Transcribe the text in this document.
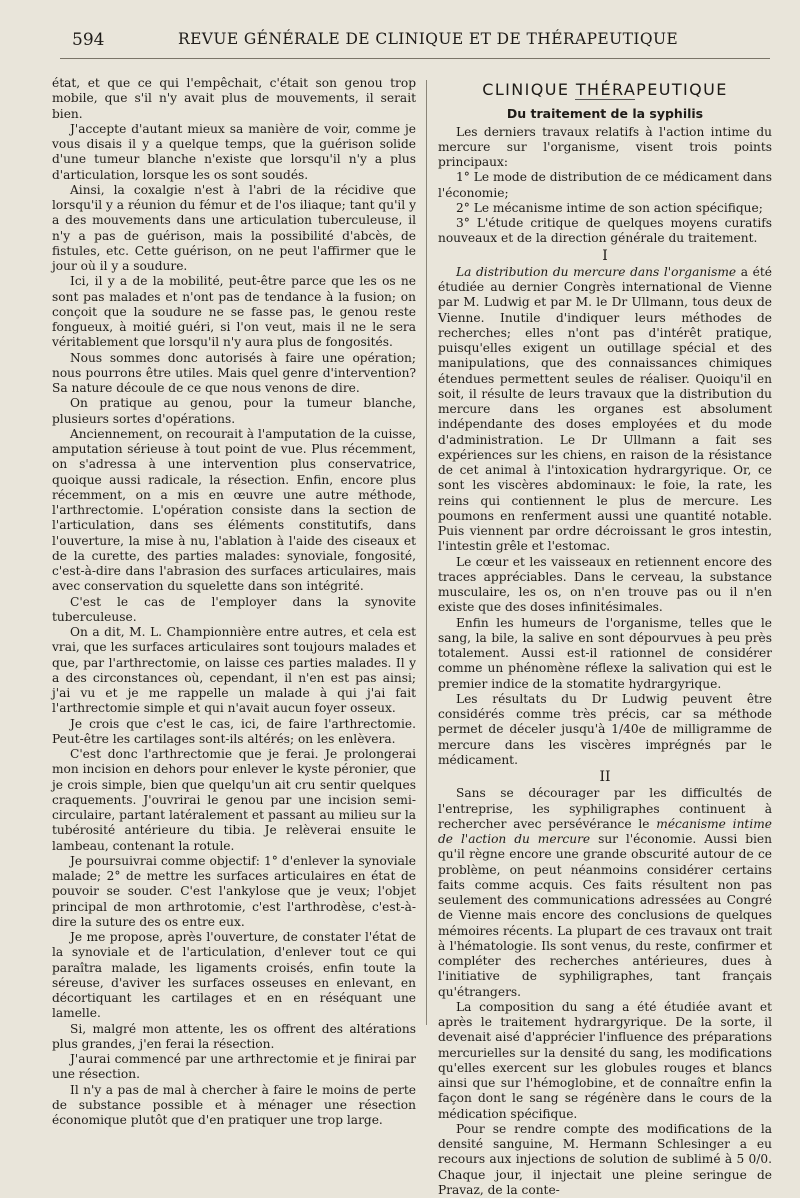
594	REVUE GÉNÉRALE DE CLINIQUE ET DE THÉRAPEUTIQUE

état, et que ce qui l'empêchait, c'était son genou trop mobile, que s'il n'y avait plus de mouvements, il serait bien.

J'accepte d'autant mieux sa manière de voir, comme je vous disais il y a quelque temps, que la guérison solide d'une tumeur blanche n'existe que lorsqu'il n'y a plus d'articulation, lorsque les os sont soudés.

Ainsi, la coxalgie n'est à l'abri de la récidive que lorsqu'il y a réunion du fémur et de l'os iliaque; tant qu'il y a des mouvements dans une articulation tuberculeuse, il n'y a pas de guérison, mais la possibilité d'abcès, de fistules, etc. Cette guérison, on ne peut l'affirmer que le jour où il y a soudure.

Ici, il y a de la mobilité, peut-être parce que les os ne sont pas malades et n'ont pas de tendance à la fusion; on conçoit que la soudure ne se fasse pas, le genou reste fongueux, à moitié guéri, si l'on veut, mais il ne le sera véritablement que lorsqu'il n'y aura plus de fongosités.

Nous sommes donc autorisés à faire une opération; nous pourrons être utiles. Mais quel genre d'intervention? Sa nature découle de ce que nous venons de dire.

On pratique au genou, pour la tumeur blanche, plusieurs sortes d'opérations.

Anciennement, on recourait à l'amputation de la cuisse, amputation sérieuse à tout point de vue. Plus récemment, on s'adressa à une intervention plus conservatrice, quoique aussi radicale, la résection. Enfin, encore plus récemment, on a mis en œuvre une autre méthode, l'arthrectomie. L'opération consiste dans la section de l'articulation, dans ses éléments constitutifs, dans l'ouverture, la mise à nu, l'ablation à l'aide des ciseaux et de la curette, des parties malades: synoviale, fongosité, c'est-à-dire dans l'abrasion des surfaces articulaires, mais avec conservation du squelette dans son intégrité.

C'est le cas de l'employer dans la synovite tuberculeuse.

On a dit, M. L. Championnière entre autres, et cela est vrai, que les surfaces articulaires sont toujours malades et que, par l'arthrectomie, on laisse ces parties malades. Il y a des circonstances où, cependant, il n'en est pas ainsi; j'ai vu et je me rappelle un malade à qui j'ai fait l'arthrectomie simple et qui n'avait aucun foyer osseux.

Je crois que c'est le cas, ici, de faire l'arthrectomie. Peut-être les cartilages sont-ils altérés; on les enlèvera.

C'est donc l'arthrectomie que je ferai. Je prolongerai mon incision en dehors pour enlever le kyste péronier, que je crois simple, bien que quelqu'un ait cru sentir quelques craquements. J'ouvrirai le genou par une incision semi-circulaire, partant latéralement et passant au milieu sur la tubérosité antérieure du tibia. Je relèverai ensuite le lambeau, contenant la rotule.

Je poursuivrai comme objectif: 1° d'enlever la synoviale malade; 2° de mettre les surfaces articulaires en état de pouvoir se souder. C'est l'ankylose que je veux; l'objet principal de mon arthrotomie, c'est l'arthrodèse, c'est-à-dire la suture des os entre eux.

Je me propose, après l'ouverture, de constater l'état de la synoviale et de l'articulation, d'enlever tout ce qui paraîtra malade, les ligaments croisés, enfin toute la séreuse, d'aviver les surfaces osseuses en enlevant, en décortiquant les cartilages et en en réséquant une lamelle.

Si, malgré mon attente, les os offrent des altérations plus grandes, j'en ferai la résection.

J'aurai commencé par une arthrectomie et je finirai par une résection.

Il n'y a pas de mal à chercher à faire le moins de perte de substance possible et à ménager une résection économique plutôt que d'en pratiquer une trop large.

CLINIQUE THÉRAPEUTIQUE
Du traitement de la syphilis

Les derniers travaux relatifs à l'action intime du mercure sur l'organisme, visent trois points principaux:

1° Le mode de distribution de ce médicament dans l'économie;

2° Le mécanisme intime de son action spécifique;

3° L'étude critique de quelques moyens curatifs nouveaux et de la direction générale du traitement.

I

La distribution du mercure dans l'organisme a été étudiée au dernier Congrès international de Vienne par M. Ludwig et par M. le Dr Ullmann, tous deux de Vienne. Inutile d'indiquer leurs méthodes de recherches; elles n'ont pas d'intérêt pratique, puisqu'elles exigent un outillage spécial et des manipulations, que des connaissances chimiques étendues permettent seules de réaliser. Quoiqu'il en soit, il résulte de leurs travaux que la distribution du mercure dans les organes est absolument indépendante des doses employées et du mode d'administration. Le Dr Ullmann a fait ses expériences sur les chiens, en raison de la résistance de cet animal à l'intoxication hydrargyrique. Or, ce sont les viscères abdominaux: le foie, la rate, les reins qui contiennent le plus de mercure. Les poumons en renferment aussi une quantité notable. Puis viennent par ordre décroissant le gros intestin, l'intestin grêle et l'estomac.

Le cœur et les vaisseaux en retiennent encore des traces appréciables. Dans le cerveau, la substance musculaire, les os, on n'en trouve pas ou il n'en existe que des doses infinitésimales.

Enfin les humeurs de l'organisme, telles que le sang, la bile, la salive en sont dépourvues à peu près totalement. Aussi est-il rationnel de considérer comme un phénomène réflexe la salivation qui est le premier indice de la stomatite hydrargyrique.

Les résultats du Dr Ludwig peuvent être considérés comme très précis, car sa méthode permet de déceler jusqu'à 1/40e de milligramme de mercure dans les viscères imprégnés par le médicament.

II

Sans se décourager par les difficultés de l'entreprise, les syphiligraphes continuent à rechercher avec persévérance le mécanisme intime de l'action du mercure sur l'économie. Aussi bien qu'il règne encore une grande obscurité autour de ce problème, on peut néanmoins considérer certains faits comme acquis. Ces faits résultent non pas seulement des communications adressées au Congré de Vienne mais encore des conclusions de quelques mémoires récents. La plupart de ces travaux ont trait à l'hématologie. Ils sont venus, du reste, confirmer et compléter des recherches antérieures, dues à l'initiative de syphiligraphes, tant français qu'étrangers.

La composition du sang a été étudiée avant et après le traitement hydrargyrique. De la sorte, il devenait aisé d'apprécier l'influence des préparations mercurielles sur la densité du sang, les modifications qu'elles exercent sur les globules rouges et blancs ainsi que sur l'hémoglobine, et de connaître enfin la façon dont le sang se régénère dans le cours de la médication spécifique.

Pour se rendre compte des modifications de la densité sanguine, M. Hermann Schlesinger a eu recours aux injections de solution de sublimé à 5 0/0. Chaque jour, il injectait une pleine seringue de Pravaz, de la conte-
